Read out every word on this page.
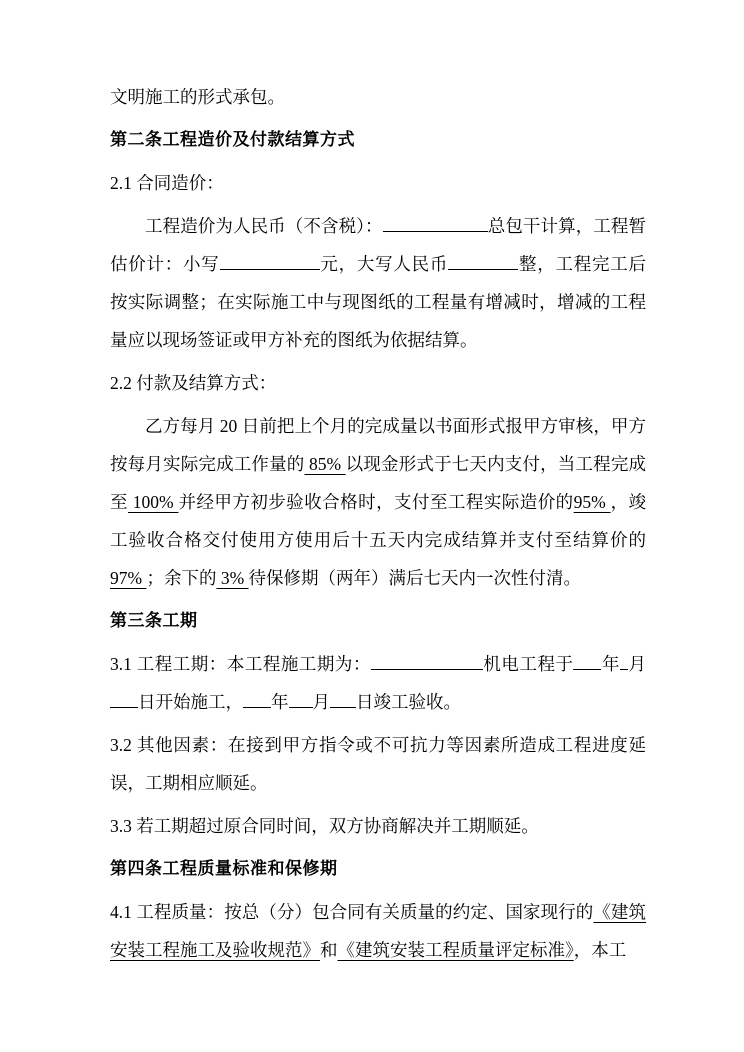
文明施工的形式承包。

第二条工程造价及付款结算方式

2.1 合同造价：

工程造价为人民币（不含税）：	总包干计算，工程暂估价计：小写	元，大写人民币	整，工程完工后按实际调整；在实际施工中与现图纸的工程量有增减时，增减的工程量应以现场签证或甲方补充的图纸为依据结算。

2.2 付款及结算方式：

乙方每月 20 日前把上个月的完成量以书面形式报甲方审核，甲方按每月实际完成工作量的 85% 以现金形式于七天内支付，当工程完成至 100% 并经甲方初步验收合格时，支付至工程实际造价的95% ，竣工验收合格交付使用方使用后十五天内完成结算并支付至结算价的 97% ；余下的 3% 待保修期（两年）满后七天内一次性付清。

第三条工期

3.1 工程工期：本工程施工期为：	机电工程于 年 月日开始施工， 年 月 日竣工验收。

3.2 其他因素：在接到甲方指令或不可抗力等因素所造成工程进度延误，工期相应顺延。

3.3 若工期超过原合同时间，双方协商解决并工期顺延。

第四条工程质量标准和保修期

4.1 工程质量：按总（分）包合同有关质量的约定、国家现行的《建筑安装工程施工及验收规范》和《建筑安装工程质量评定标准》，本工
